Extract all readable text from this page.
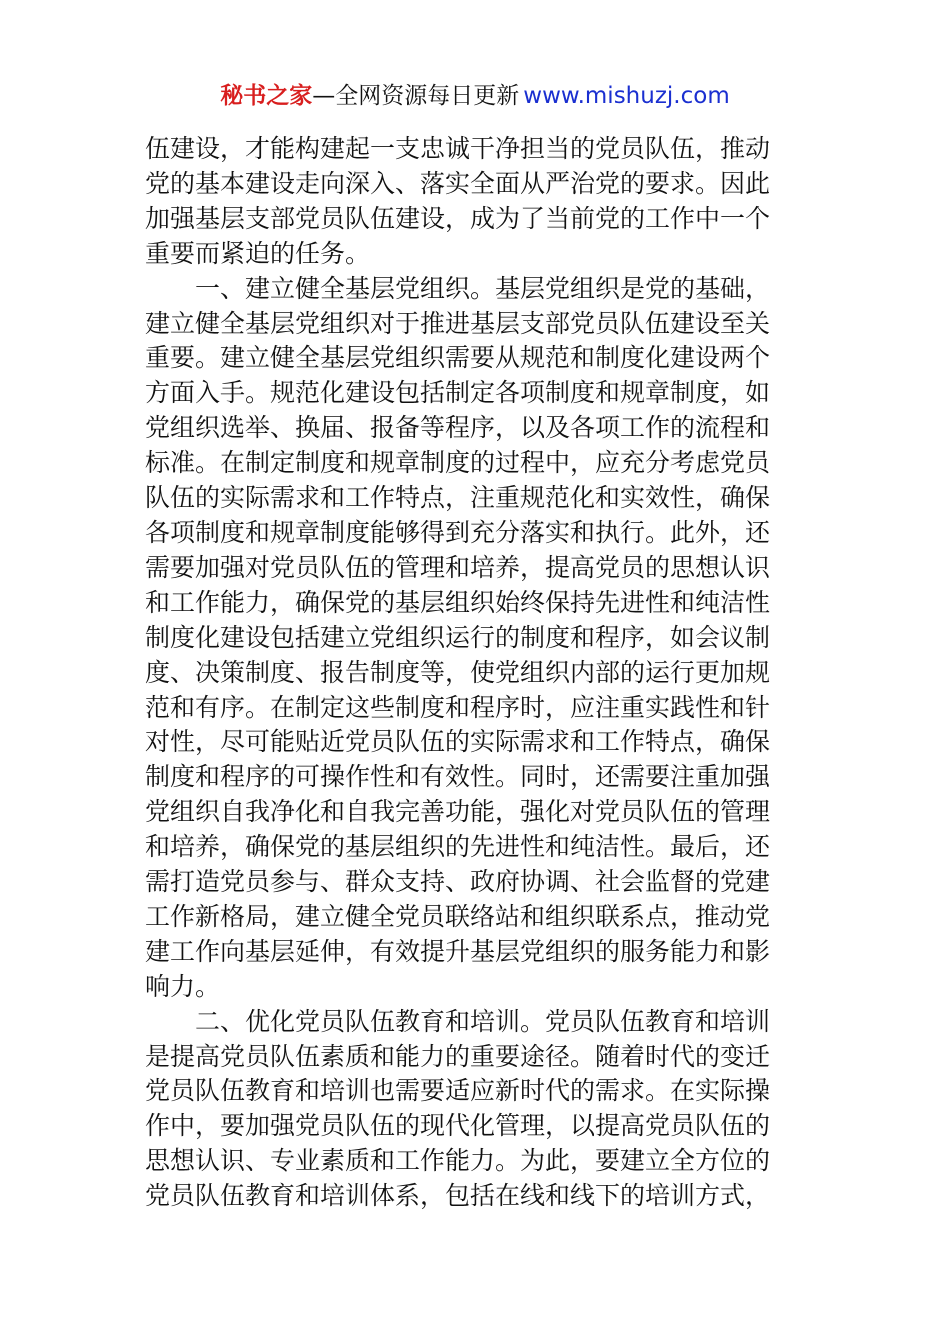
秘书之家—全网资源每日更新 www.mishuzj.com
伍建设，才能构建起一支忠诚干净担当的党员队伍，推动
党的基本建设走向深入、落实全面从严治党的要求。因此
加强基层支部党员队伍建设，成为了当前党的工作中一个
重要而紧迫的任务。
一、建立健全基层党组织。基层党组织是党的基础，
建立健全基层党组织对于推进基层支部党员队伍建设至关
重要。建立健全基层党组织需要从规范和制度化建设两个
方面入手。规范化建设包括制定各项制度和规章制度，如
党组织选举、换届、报备等程序，以及各项工作的流程和
标准。在制定制度和规章制度的过程中，应充分考虑党员
队伍的实际需求和工作特点，注重规范化和实效性，确保
各项制度和规章制度能够得到充分落实和执行。此外，还
需要加强对党员队伍的管理和培养，提高党员的思想认识
和工作能力，确保党的基层组织始终保持先进性和纯洁性
制度化建设包括建立党组织运行的制度和程序，如会议制
度、决策制度、报告制度等，使党组织内部的运行更加规
范和有序。在制定这些制度和程序时，应注重实践性和针
对性，尽可能贴近党员队伍的实际需求和工作特点，确保
制度和程序的可操作性和有效性。同时，还需要注重加强
党组织自我净化和自我完善功能，强化对党员队伍的管理
和培养，确保党的基层组织的先进性和纯洁性。最后，还
需打造党员参与、群众支持、政府协调、社会监督的党建
工作新格局，建立健全党员联络站和组织联系点，推动党
建工作向基层延伸，有效提升基层党组织的服务能力和影
响力。
二、优化党员队伍教育和培训。党员队伍教育和培训
是提高党员队伍素质和能力的重要途径。随着时代的变迁
党员队伍教育和培训也需要适应新时代的需求。在实际操
作中，要加强党员队伍的现代化管理，以提高党员队伍的
思想认识、专业素质和工作能力。为此，要建立全方位的
党员队伍教育和培训体系，包括在线和线下的培训方式，
